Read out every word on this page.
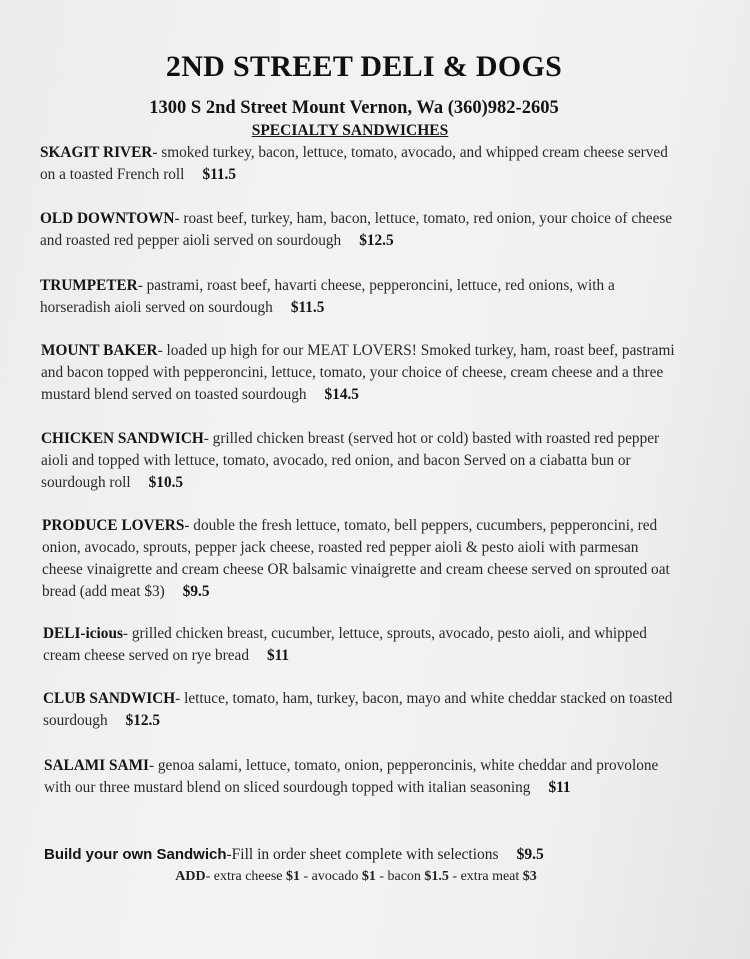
2ND STREET DELI & DOGS
1300 S 2nd Street Mount Vernon, Wa (360)982-2605
SPECIALTY SANDWICHES
SKAGIT RIVER- smoked turkey, bacon, lettuce, tomato, avocado, and whipped cream cheese served on a toasted French roll $11.5
OLD DOWNTOWN- roast beef, turkey, ham, bacon, lettuce, tomato, red onion, your choice of cheese and roasted red pepper aioli served on sourdough $12.5
TRUMPETER- pastrami, roast beef, havarti cheese, pepperoncini, lettuce, red onions, with a horseradish aioli served on sourdough $11.5
MOUNT BAKER- loaded up high for our MEAT LOVERS! Smoked turkey, ham, roast beef, pastrami and bacon topped with pepperoncini, lettuce, tomato, your choice of cheese, cream cheese and a three mustard blend served on toasted sourdough $14.5
CHICKEN SANDWICH- grilled chicken breast (served hot or cold) basted with roasted red pepper aioli and topped with lettuce, tomato, avocado, red onion, and bacon Served on a ciabatta bun or sourdough roll $10.5
PRODUCE LOVERS- double the fresh lettuce, tomato, bell peppers, cucumbers, pepperoncini, red onion, avocado, sprouts, pepper jack cheese, roasted red pepper aioli & pesto aioli with parmesan cheese vinaigrette and cream cheese OR balsamic vinaigrette and cream cheese served on sprouted oat bread (add meat $3) $9.5
DELI-icious- grilled chicken breast, cucumber, lettuce, sprouts, avocado, pesto aioli, and whipped cream cheese served on rye bread $11
CLUB SANDWICH- lettuce, tomato, ham, turkey, bacon, mayo and white cheddar stacked on toasted sourdough $12.5
SALAMI SAMI- genoa salami, lettuce, tomato, onion, pepperoncinis, white cheddar and provolone with our three mustard blend on sliced sourdough topped with italian seasoning $11
Build your own Sandwich-Fill in order sheet complete with selections $9.5
ADD- extra cheese $1 - avocado $1 - bacon $1.5 - extra meat $3
